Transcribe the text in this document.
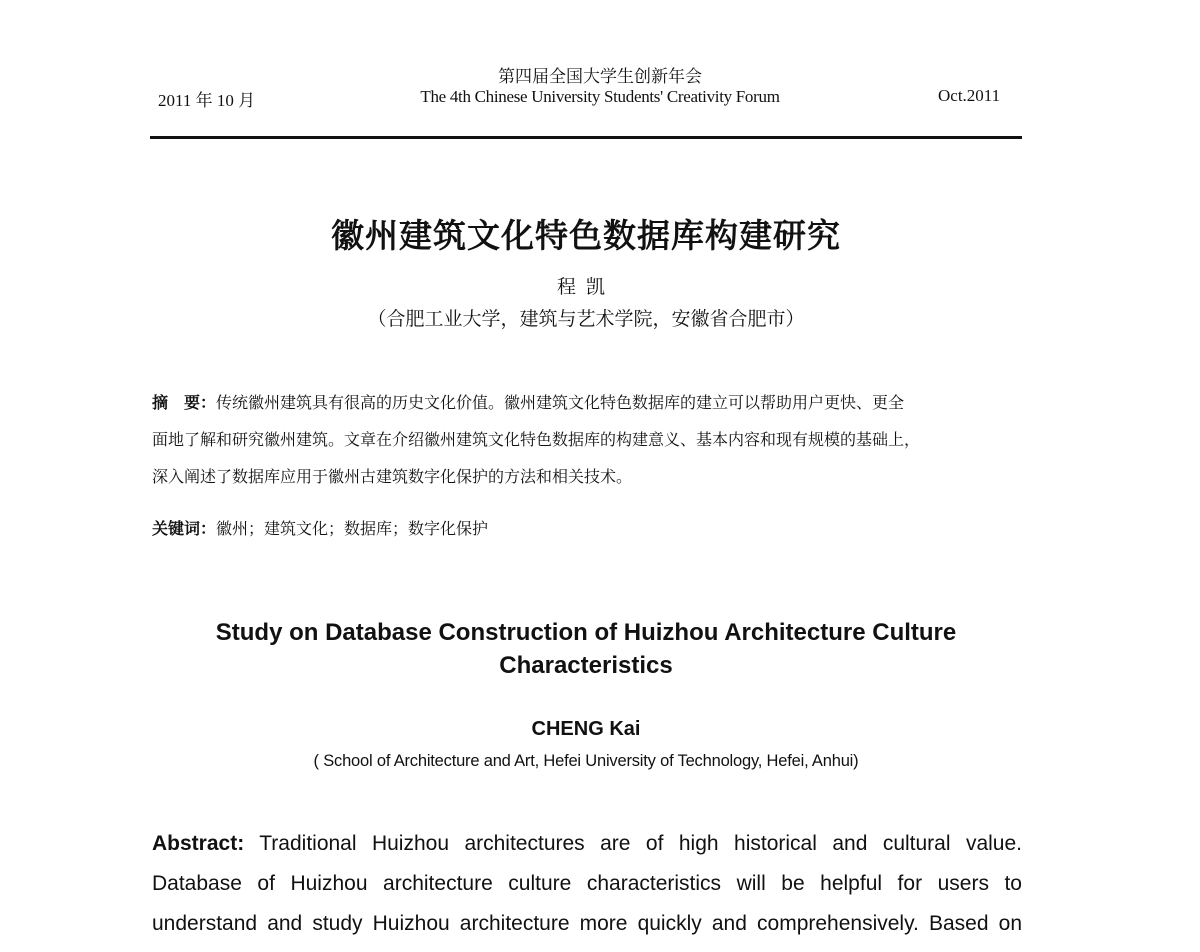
2011 年 10 月
第四届全国大学生创新年会
The 4th Chinese University Students' Creativity Forum	Oct.2011
徽州建筑文化特色数据库构建研究
程凯
（合肥工业大学，建筑与艺术学院，安徽省合肥市）
摘　要：传统徽州建筑具有很高的历史文化价值。徽州建筑文化特色数据库的建立可以帮助用户更快、更全
面地了解和研究徽州建筑。文章在介绍徽州建筑文化特色数据库的构建意义、基本内容和现有规模的基础上，
深入阐述了数据库应用于徽州古建筑数字化保护的方法和相关技术。
关键词：徽州；建筑文化；数据库；数字化保护
Study on Database Construction of Huizhou Architecture Culture
Characteristics
CHENG Kai
( School of Architecture and Art, Hefei University of Technology, Hefei, Anhui)
Abstract: Traditional Huizhou architectures are of high historical and cultural value.
Database of Huizhou architecture culture characteristics will be helpful for users to
understand and study Huizhou architecture more quickly and comprehensively. Based on
